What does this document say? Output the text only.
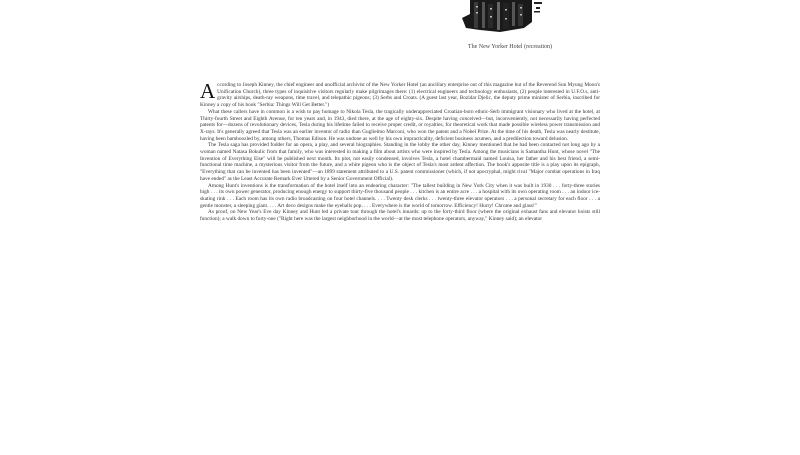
The New Yorker Hotel (recreation)

According to Joseph Kinney, the chief engineer and unofficial archivist of the New Yorker Hotel (an ancillary enterprise out of this magazine but of the Reverend Sun Myung Moon's Unification Church), three types of inquisitive visitors regularly make pilgrimages there: (1) electrical engineers and technology enthusiasts, (2) people interested in U.F.O.s, anti-gravity airships, death-ray weapons, time travel, and telepathic pigeons; (3) Serbs and Croats. (A guest last year, Bozidar Djelic, the deputy prime minister of Serbia, inscribed for Kinney a copy of his book "Serbia: Things Will Get Better.")

What these callers have in common is a wish to pay homage to Nikola Tesla, the tragically underappreciated Croatian-born ethnic-Serb immigrant visionary who lived at the hotel, at Thirty-fourth Street and Eighth Avenue, for ten years and, in 1943, died there, at the age of eighty-six. Despite having conceived—but, inconveniently, not necessarily having perfected patents for—dozens of revolutionary devices, Tesla during his lifetime failed to receive proper credit, or royalties, for theoretical work that made possible wireless power transmission and X-rays. It's generally agreed that Tesla was an earlier inventor of radio than Guglielmo Marconi, who won the patent and a Nobel Prize. At the time of his death, Tesla was nearly destitute, having been bamboozled by, among others, Thomas Edison. He was undone as well by his own impracticality, deficient business acumen, and a predilection toward delusion.

The Tesla saga has provided fodder for an opera, a play, and several biographies. Standing in the lobby the other day, Kinney mentioned that he had been contacted not long ago by a woman named Natasa Bokulic from that family, who was interested in making a film about artists who were inspired by Tesla. Among the musicians is Samantha Hunt, whose novel "The Invention of Everything Else" will be published next month. Its plot, not easily condensed, involves Tesla, a hotel chambermaid named Louisa, her father and his best friend, a semi-functional time machine, a mysterious visitor from the future, and a white pigeon who is the object of Tesla's most ardent affection. The book's apposite title is a play upon its epigraph, "Everything that can be invented has been invented"—an 1899 statement attributed to a U.S. patent commissioner (which, if not apocryphal, might rival "Major combat operations in Iraq have ended" as the Least Accurate Remark Ever Uttered by a Senior Government Official).

Among Hunt's inventions is the transformation of the hotel itself into an endearing character: "The tallest building in New York City when it was built in 1930 . . . forty-three stories high . . . its own power generator, producing enough energy to support thirty-five thousand people . . . kitchen is an entire acre . . . a hospital with its own operating room . . . an indoor ice-skating rink . . . Each room has its own radio broadcasting on four hotel channels. . . . Twenty desk clerks . . . twenty-three elevator operators . . . a personal secretary for each floor . . . a gentle monster, a sleeping giant. . . . Art deco designs make the eyeballs pop. . . . Everywhere is the world of tomorrow. Efficiency! Hurry! Chrome and glass!"

As proof, on New Year's Eve day Kinney and Hunt led a private tour through the hotel's innards: up to the forty-third floor (where the original exhaust fans and elevator hoists still function); a walk down to forty-one ("Right here was the largest neighborhood in the world—at the most telephone operators, anyway," Kinney said); an elevator
